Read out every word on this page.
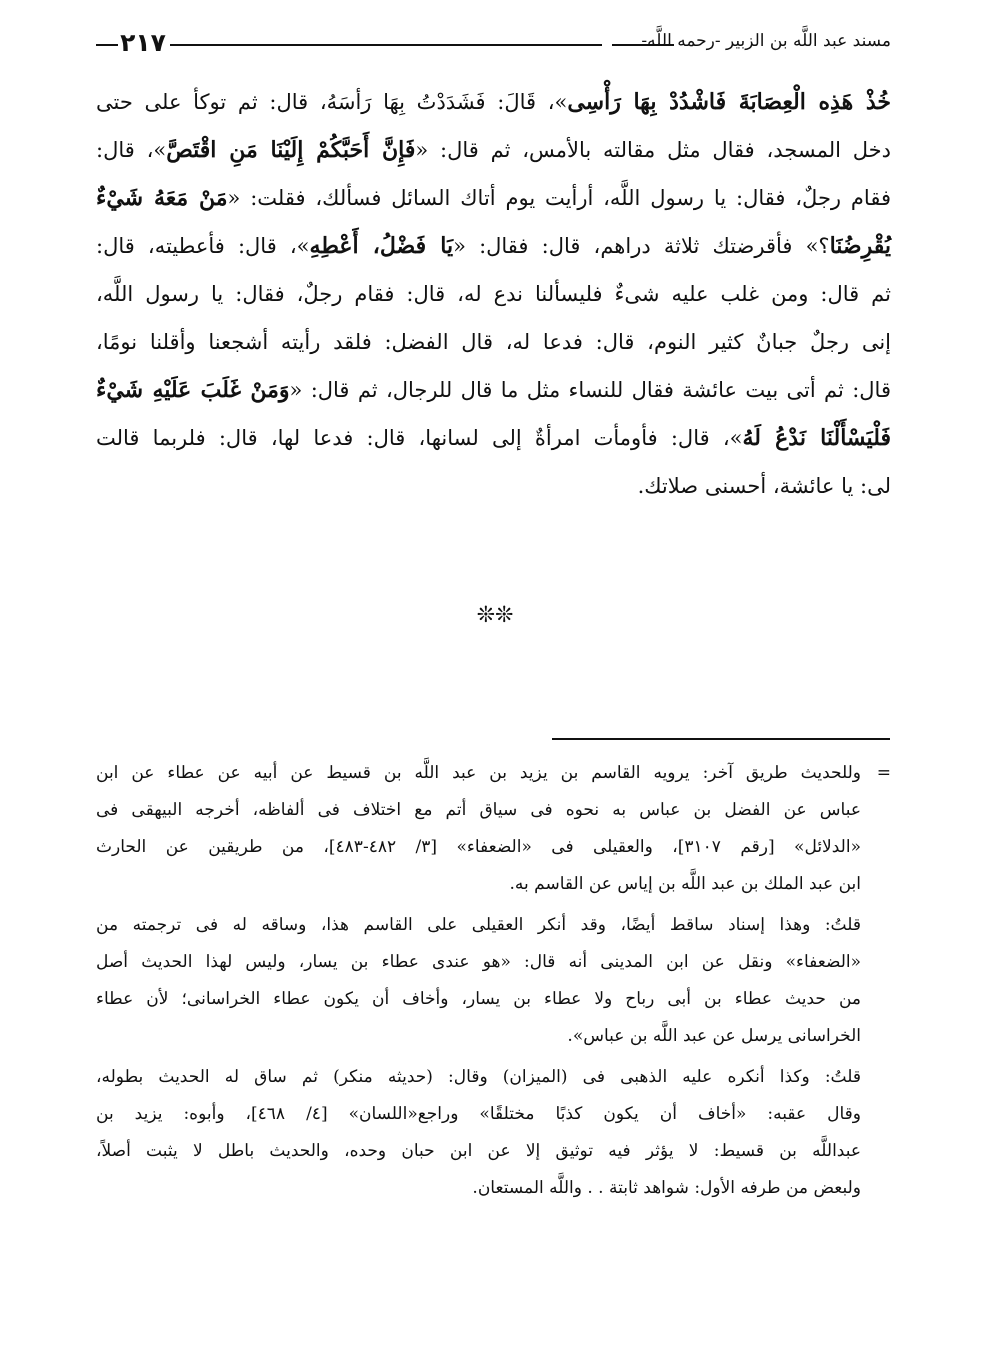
مسند عبد اللَّه بن الزبير -رحمه اللَّه-
٢١٧
خُذْ هَذِه الْعِصَابَةَ فَاشْدُدْ بِهَا رَأْسِى»، قَالَ: فَشَدَدْتُ بِهَا رَأسَهُ، قال: ثم توكأ على حتى
دخل المسجد، فقال مثل مقالته بالأمس، ثم قال: «فَإِنَّ أَحَبَّكُمْ إِلَيْنَا مَنِ اقْتَصَّ»، قال:
فقام رجلٌ، فقال: يا رسول اللَّه، أرأيت يوم أتاك السائل فسألك، فقلت: «مَنْ مَعَهُ شَيْءٌ
يُقْرِضُنَا؟» فأقرضتك ثلاثة دراهم، قال: فقال: «يَا فَضْلُ، أَعْطِهِ»، قال: فأعطيته، قال:
ثم قال: ومن غلب عليه شىءٌ فليسألنا ندع له، قال: فقام رجلٌ، فقال: يا رسول اللَّه،
إنى رجلٌ جبانٌ كثير النوم، قال: فدعا له، قال الفضل: فلقد رأيته أشجعنا وأقلنا نومًا،
قال: ثم أتى بيت عائشة فقال للنساء مثل ما قال للرجال، ثم قال: «وَمَنْ غَلَبَ عَلَيْهِ شَيْءٌ
فَلْيَسْأَلْنَا نَدْعُ لَهُ»، قال: فأومأت امرأةٌ إلى لسانها، قال: فدعا لها، قال: فلربما قالت
لى: يا عائشة، أحسنى صلاتك.
❊❊
=
وللحديث طريق آخر: يرويه القاسم بن يزيد بن عبد اللَّه بن قسيط عن أبيه عن عطاء عن ابن
عباس عن الفضل بن عباس به نحوه فى سياق أتم مع اختلاف فى ألفاظه، أخرجه البيهقى فى
«الدلائل» [رقم ٣١٠٧]، والعقيلى فى «الضعفاء» [٣/ ٤٨٢-٤٨٣]، من طريقين عن الحارث
ابن عبد الملك بن عبد اللَّه بن إياس عن القاسم به.
قلتُ: وهذا إسناد ساقط أيضًا، وقد أنكر العقيلى على القاسم هذا، وساقه له فى ترجمته من
«الضعفاء» ونقل عن ابن المدينى أنه قال: «هو عندى عطاء بن يسار، وليس لهذا الحديث أصل
من حديث عطاء بن أبى رباح ولا عطاء بن يسار، وأخاف أن يكون عطاء الخراسانى؛ لأن عطاء
الخراسانى يرسل عن عبد اللَّه بن عباس».
قلتُ: وكذا أنكره عليه الذهبى فى (الميزان) وقال: (حديثه منكر) ثم ساق له الحديث بطوله،
وقال عقبه: «أخاف أن يكون كذبًا مختلقًا» وراجع«اللسان» [٤/ ٤٦٨]، وأبوه: يزيد بن
عبداللَّه بن قسيط: لا يؤثر فيه توثيق إلا عن ابن حبان وحده، والحديث باطل لا يثبت أصلاً،
ولبعض من طرفه الأول: شواهد ثابتة . . واللَّه المستعان.
